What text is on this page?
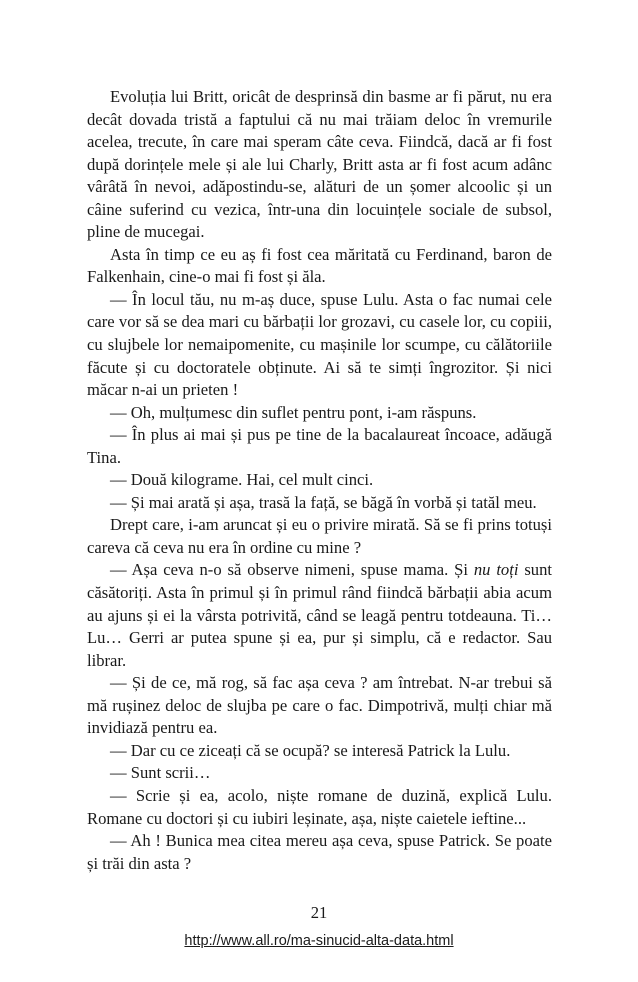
Evoluția lui Britt, oricât de desprinsă din basme ar fi părut, nu era decât dovada tristă a faptului că nu mai trăiam deloc în vremurile acelea, trecute, în care mai speram câte ceva. Fiindcă, dacă ar fi fost după dorințele mele și ale lui Charly, Britt asta ar fi fost acum adânc vârâtă în nevoi, adăpostindu-se, alături de un șomer alcoolic și un câine suferind cu vezica, într-una din locuințele sociale de subsol, pline de mucegai.

Asta în timp ce eu aș fi fost cea măritată cu Ferdinand, baron de Falkenhain, cine-o mai fi fost și ăla.

— În locul tău, nu m-aș duce, spuse Lulu. Asta o fac numai cele care vor să se dea mari cu bărbații lor grozavi, cu casele lor, cu copiii, cu slujbele lor nemaipomenite, cu mașinile lor scumpe, cu călătoriile făcute și cu doctoratele obținute. Ai să te simți îngrozitor. Și nici măcar n-ai un prieten !

— Oh, mulțumesc din suflet pentru pont, i-am răspuns.

— În plus ai mai și pus pe tine de la bacalaureat încoace, adăugă Tina.

— Două kilograme. Hai, cel mult cinci.

— Și mai arată și așa, trasă la față, se băgă în vorbă și tatăl meu.

Drept care, i-am aruncat și eu o privire mirată. Să se fi prins totuși careva că ceva nu era în ordine cu mine ?

— Așa ceva n-o să observe nimeni, spuse mama. Și nu toți sunt căsătoriți. Asta în primul și în primul rând fiindcă bărbații abia acum au ajuns și ei la vârsta potrivită, când se leagă pentru totdeauna. Ti… Lu… Gerri ar putea spune și ea, pur și simplu, că e redactor. Sau librar.

— Și de ce, mă rog, să fac așa ceva ? am întrebat. N-ar trebui să mă rușinez deloc de slujba pe care o fac. Dimpotrivă, mulți chiar mă invidiază pentru ea.

— Dar cu ce ziceați că se ocupă? se interesă Patrick la Lulu.

— Sunt scrii…

— Scrie și ea, acolo, niște romane de duzină, explică Lulu. Romane cu doctori și cu iubiri leșinate, așa, niște caietele ieftine...

— Ah ! Bunica mea citea mereu așa ceva, spuse Patrick. Se poate și trăi din asta ?

21
http://www.all.ro/ma-sinucid-alta-data.html
